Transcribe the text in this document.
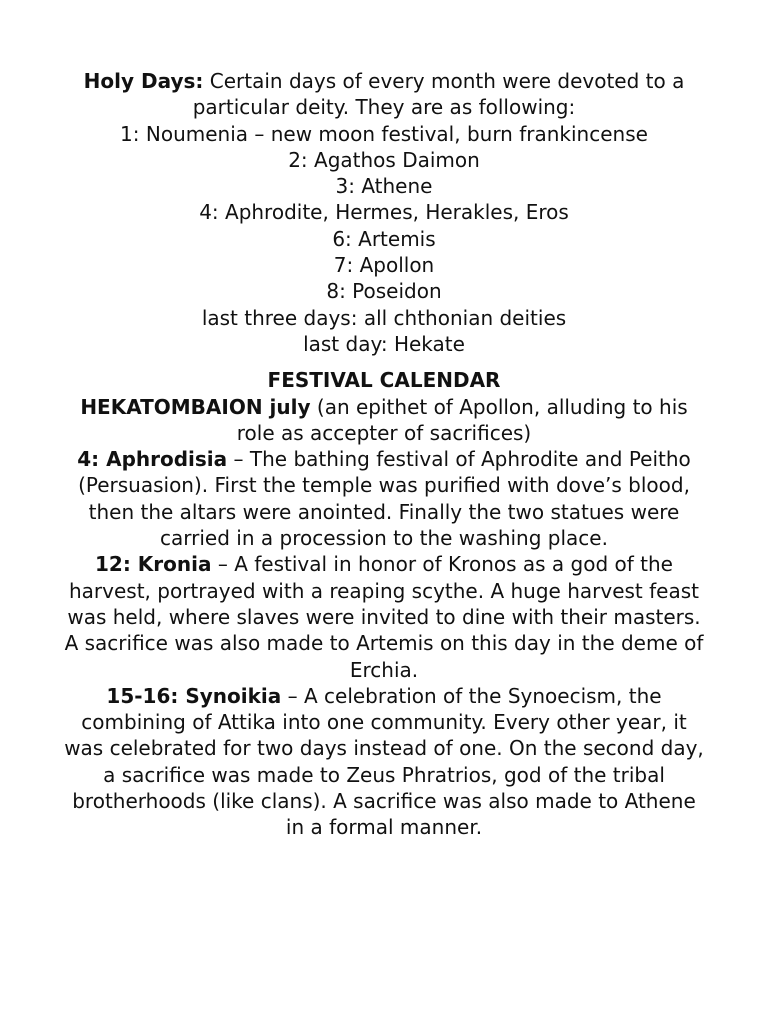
Holy Days: Certain days of every month were devoted to a particular deity. They are as following:

1: Noumenia – new moon festival, burn frankincense
2: Agathos Daimon
3: Athene
4: Aphrodite, Hermes, Herakles, Eros
6: Artemis
7: Apollon
8: Poseidon
last three days: all chthonian deities
last day: Hekate
FESTIVAL CALENDAR

HEKATOMBAION july (an epithet of Apollon, alluding to his role as accepter of sacrifices)

4: Aphrodisia – The bathing festival of Aphrodite and Peitho (Persuasion). First the temple was purified with dove’s blood, then the altars were anointed. Finally the two statues were carried in a procession to the washing place.

12: Kronia – A festival in honor of Kronos as a god of the harvest, portrayed with a reaping scythe. A huge harvest feast was held, where slaves were invited to dine with their masters. A sacrifice was also made to Artemis on this day in the deme of Erchia.

15-16: Synoikia – A celebration of the Synoecism, the combining of Attika into one community. Every other year, it was celebrated for two days instead of one. On the second day, a sacrifice was made to Zeus Phratrios, god of the tribal brotherhoods (like clans). A sacrifice was also made to Athene in a formal manner.
